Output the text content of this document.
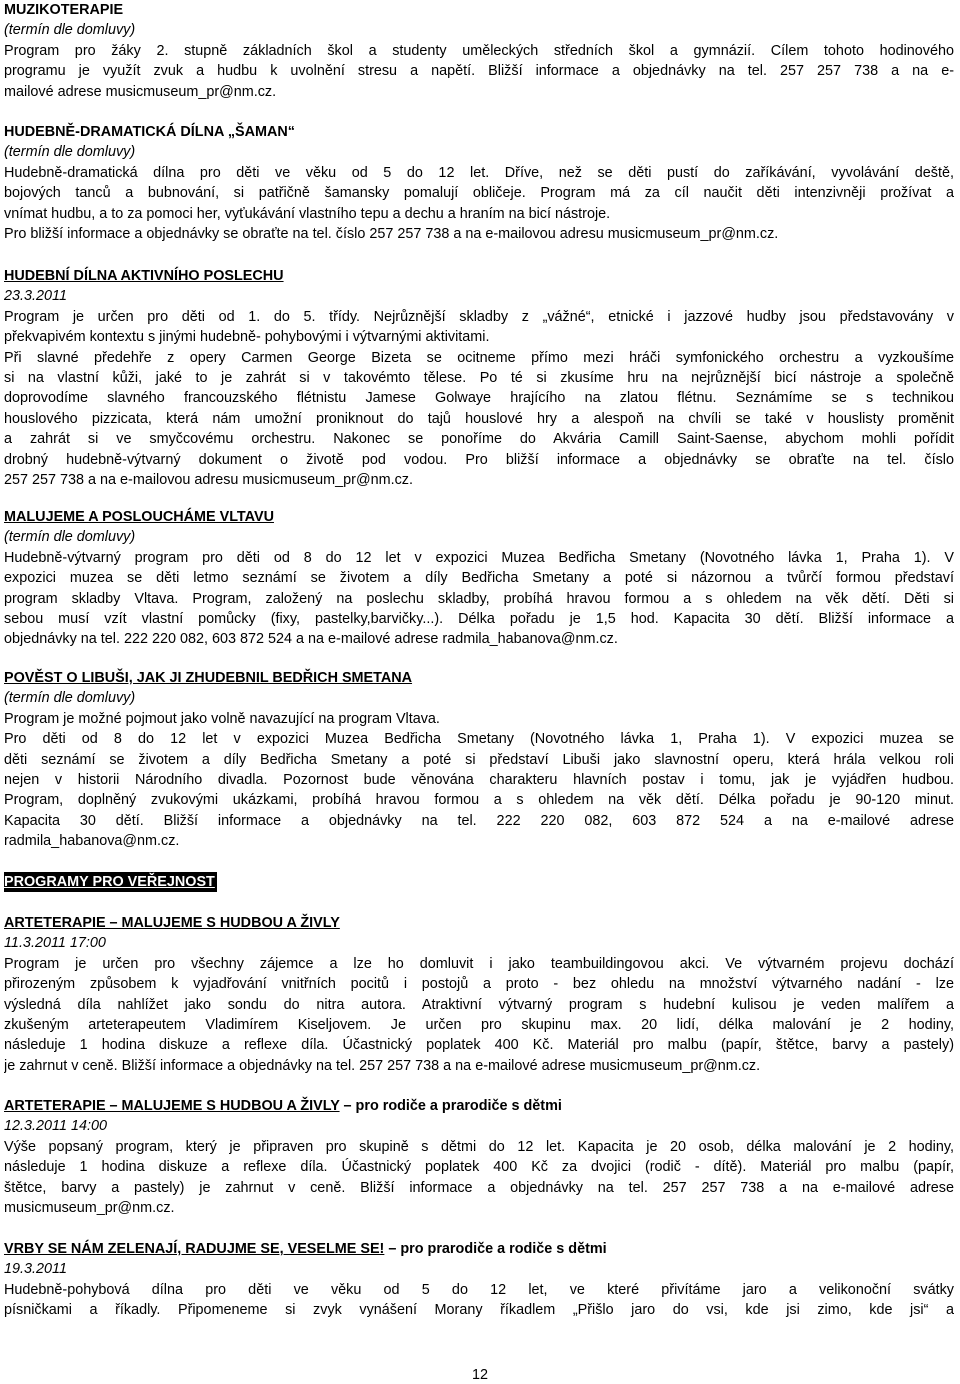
MUZIKOTERAPIE
(termín dle domluvy)
Program pro žáky 2. stupně základních škol a studenty uměleckých středních škol a gymnázií. Cílem tohoto hodinového
programu je využít zvuk a hudbu k uvolnění stresu a napětí. Bližší informace a objednávky na tel. 257 257 738 a na e-
mailové adrese musicmuseum_pr@nm.cz.
HUDEBNĚ-DRAMATICKÁ DÍLNA „ŠAMAN“
(termín dle domluvy)
Hudebně-dramatická dílna pro děti ve věku od 5 do 12 let. Dříve, než se děti pustí do zaříkávání, vyvolávání deště,
bojových tanců a bubnování, si patřičně šamansky pomalují obličeje. Program má za cíl naučit děti intenzivněji prožívat a
vnímat hudbu, a to za pomoci her, vyťukávání vlastního tepu a dechu a hraním na bicí nástroje.
Pro bližší informace a objednávky se obraťte na tel. číslo 257 257 738 a na e-mailovou adresu musicmuseum_pr@nm.cz.
HUDEBNÍ DÍLNA AKTIVNÍHO POSLECHU
23.3.2011
Program je určen pro děti od 1. do 5. třídy. Nejrůznější skladby z „vážné“, etnické i jazzové hudby jsou představovány v
překvapivém kontextu s jinými hudebně- pohybovými i výtvarnými aktivitami.
Při slavné předehře z opery Carmen George Bizeta se ocitneme přímo mezi hráči symfonického orchestru a vyzkoušíme
si na vlastní kůži, jaké to je zahrát si v takovémto tělese. Po té si zkusíme hru na nejrůznější bicí nástroje a společně
doprovodíme slavného francouzského flétnistu Jamese Golwaye hrajícího na zlatou flétnu. Seznámíme se s technikou
houslového pizzicata, která nám umožní proniknout do tajů houslové hry a alespoň na chvíli se také v houslisty proměnit
a zahrát si ve smyčcovému orchestru. Nakonec se ponoříme do Akvária Camill Saint-Saense, abychom mohli pořídit
drobný hudebně-výtvarný dokument o životě pod vodou. Pro bližší informace a objednávky se obraťte na tel. číslo
257 257 738 a na e-mailovou adresu musicmuseum_pr@nm.cz.
MALUJEME A POSLOUCHÁME VLTAVU
(termín dle domluvy)
Hudebně-výtvarný program pro děti od 8 do 12 let v expozici Muzea Bedřicha Smetany (Novotného lávka 1, Praha 1). V
expozici muzea se děti letmo seznámí se životem a díly Bedřicha Smetany a poté si názornou a tvůrčí formou představí
program skladby Vltava. Program, založený na poslechu skladby, probíhá hravou formou a s ohledem na věk dětí. Děti si
sebou musí vzít vlastní pomůcky (fixy, pastelky,barvičky...). Délka pořadu je 1,5 hod. Kapacita 30 dětí. Bližší informace a
objednávky na tel. 222 220 082, 603 872 524 a na e-mailové adrese radmila_habanova@nm.cz.
POVĚST O LIBUŠI, JAK JI ZHUDEBNIL BEDŘICH SMETANA
(termín dle domluvy)
Program je možné pojmout jako volně navazující na program Vltava.
Pro děti od 8 do 12 let v expozici Muzea Bedřicha Smetany (Novotného lávka 1, Praha 1). V expozici muzea se
děti seznámí se životem a díly Bedřicha Smetany a poté si představí Libuši jako slavnostní operu, která hrála velkou roli
nejen v historii Národního divadla. Pozornost bude věnována charakteru hlavních postav i tomu, jak je vyjádřen hudbou.
Program, doplněný zvukovými ukázkami, probíhá hravou formou a s ohledem na věk dětí. Délka pořadu je 90-120 minut.
Kapacita 30 dětí. Bližší informace a objednávky na tel. 222 220 082, 603 872 524 a na e-mailové adrese
radmila_habanova@nm.cz.
PROGRAMY PRO VEŘEJNOST
ARTETERAPIE – MALUJEME S HUDBOU A ŽIVLY
11.3.2011 17:00
Program je určen pro všechny zájemce a lze ho domluvit i jako teambuildingovou akci. Ve výtvarném projevu dochází
přirozeným způsobem k vyjadřování vnitřních pocitů i postojů a proto - bez ohledu na množství výtvarného nadání - lze
výsledná díla nahlížet jako sondu do nitra autora. Atraktivní výtvarný program s hudební kulisou je veden malířem a
zkušeným arteterapeutem Vladimírem Kiseljovem. Je určen pro skupinu max. 20 lidí, délka malování je 2 hodiny,
následuje 1 hodina diskuze a reflexe díla. Účastnický poplatek 400 Kč. Materiál pro malbu (papír, štětce, barvy a pastely)
je zahrnut v ceně. Bližší informace a objednávky na tel. 257 257 738 a na e-mailové adrese musicmuseum_pr@nm.cz.
ARTETERAPIE – MALUJEME S HUDBOU A ŽIVLY – pro rodiče a prarodiče s dětmi
12.3.2011 14:00
Výše popsaný program, který je připraven pro skupině s dětmi do 12 let. Kapacita je 20 osob, délka malování je 2 hodiny,
následuje 1 hodina diskuze a reflexe díla. Účastnický poplatek 400 Kč za dvojici (rodič - dítě). Materiál pro malbu (papír,
štětce, barvy a pastely) je zahrnut v ceně. Bližší informace a objednávky na tel. 257 257 738 a na e-mailové adrese
musicmuseum_pr@nm.cz.
VRBY SE NÁM ZELENAJÍ, RADUJME SE, VESELME SE! – pro prarodiče a rodiče s dětmi
19.3.2011
Hudebně-pohybová dílna pro děti ve věku od 5 do 12 let, ve které přivítáme jaro a velikonoční svátky
písničkami a říkadly. Připomeneme si zvyk vynášení Morany říkadlem „Přišlo jaro do vsi, kde jsi zimo, kde jsi“ a
12
